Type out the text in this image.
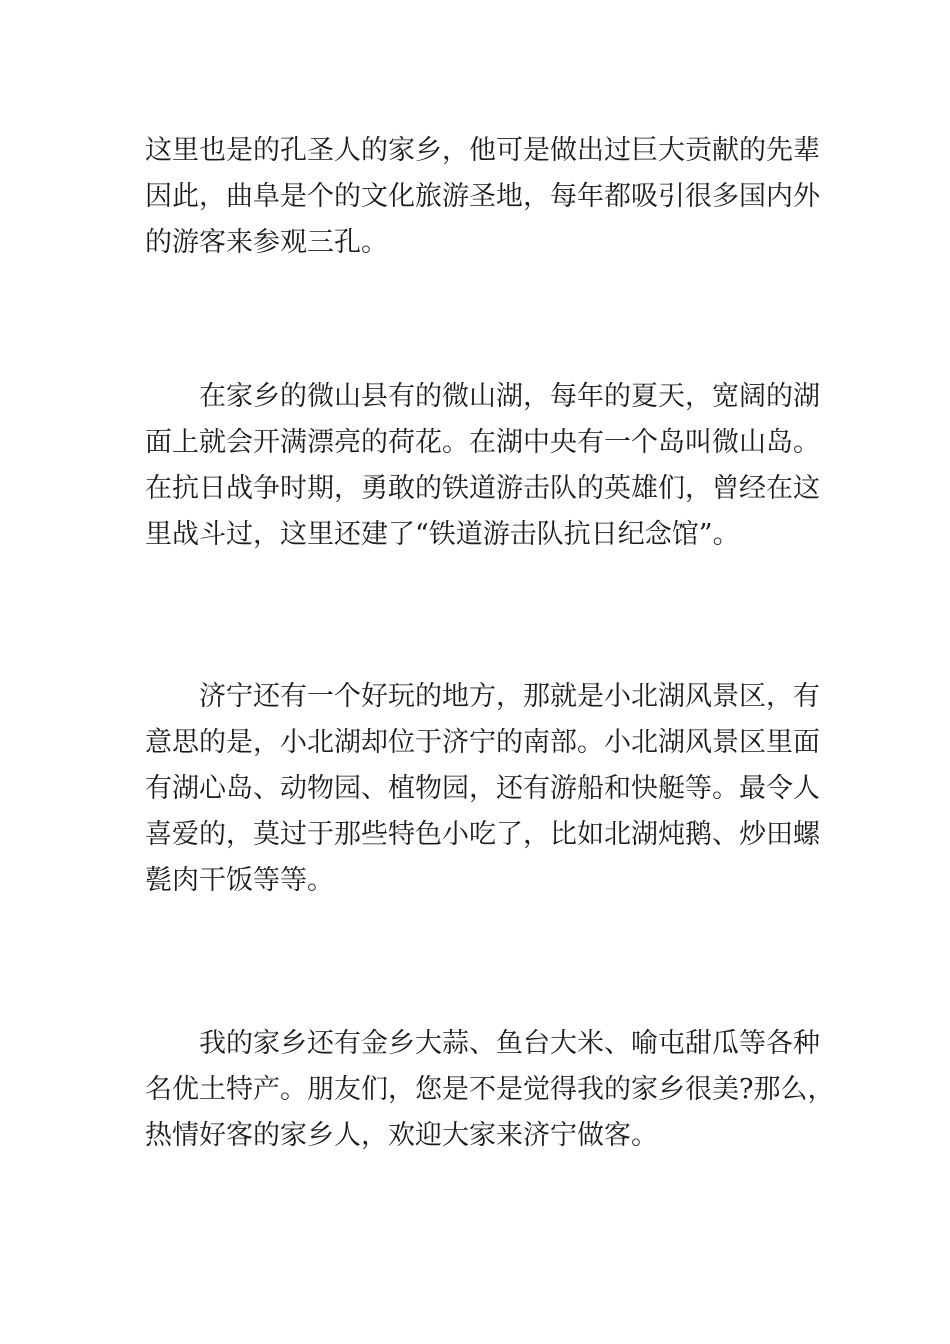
这里也是的孔圣人的家乡，他可是做出过巨大贡献的先辈
因此，曲阜是个的文化旅游圣地，每年都吸引很多国内外
的游客来参观三孔。

　　在家乡的微山县有的微山湖，每年的夏天，宽阔的湖
面上就会开满漂亮的荷花。在湖中央有一个岛叫微山岛。
在抗日战争时期，勇敢的铁道游击队的英雄们，曾经在这
里战斗过，这里还建了“铁道游击队抗日纪念馆”。

　　济宁还有一个好玩的地方，那就是小北湖风景区，有
意思的是，小北湖却位于济宁的南部。小北湖风景区里面
有湖心岛、动物园、植物园，还有游船和快艇等。最令人
喜爱的，莫过于那些特色小吃了，比如北湖炖鹅、炒田螺
甏肉干饭等等。

　　我的家乡还有金乡大蒜、鱼台大米、喻屯甜瓜等各种
名优土特产。朋友们，您是不是觉得我的家乡很美?那么，
热情好客的家乡人，欢迎大家来济宁做客。
